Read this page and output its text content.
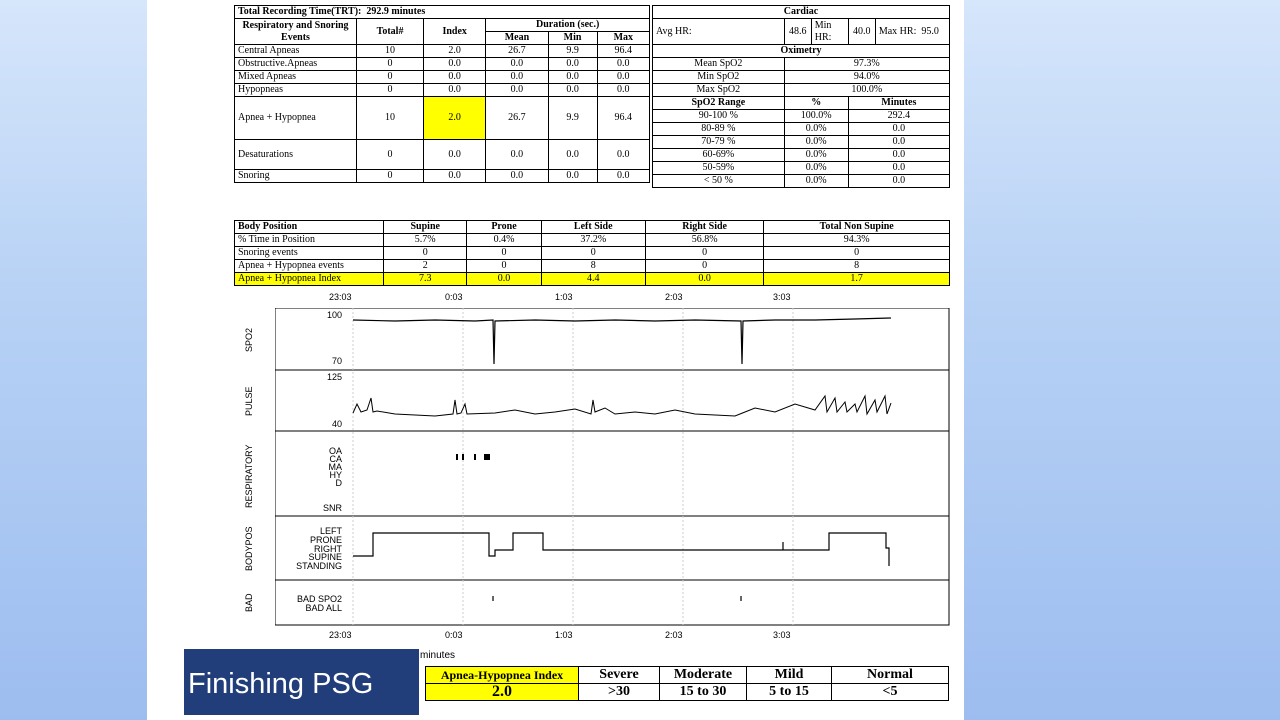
Total Recording Time(TRT): 292.9 minutes					
Respiratory and Snoring Events	Total#	Index	Duration (sec.)		
			Mean	Min	Max
Central Apneas	10	2.0	26.7	9.9	96.4
Obstructive.Apneas	0	0.0	0.0	0.0	0.0
Mixed Apneas	0	0.0	0.0	0.0	0.0
Hypopneas	0	0.0	0.0	0.0	0.0
Apnea + Hypopnea	10	2.0	26.7	9.9	96.4
Desaturations	0	0.0	0.0	0.0	0.0
Snoring	0	0.0	0.0	0.0	0.0
Cardiac				
Avg HR:	48.6	Min HR:	40.0	Max HR: 95.0
Oximetry				
Mean SpO2	97.3%			
Min SpO2	94.0%			
Max SpO2	100.0%			
SpO2 Range	%		Minutes	
90-100 %	100.0%		292.4	
80-89 %	0.0%		0.0	
70-79 %	0.0%		0.0	
60-69%	0.0%		0.0	
50-59%	0.0%		0.0	
< 50 %	0.0%		0.0	
Body Position	Supine	Prone	Left Side	Right Side	Total Non Supine
% Time in Position	5.7%	0.4%	37.2%	56.8%	94.3%
Snoring events	0	0	0	0	0
Apnea + Hypopnea events	2	0	8	0	8
Apnea + Hypopnea Index	7.3	0.0	4.4	0.0	1.7
23:03	0:03	1:03	2:03	3:03
100
70
125
40
OA
CA
MA
HY
D
SNR
LEFT
PRONE
RIGHT
SUPINE
STANDING
BAD SPO2
BAD ALL
SPO2
PULSE
RESPIRATORY
BODYPOS
BAD
23:03	0:03	1:03	2:03	3:03
Apnea-Hypopnea Index	Severe	Moderate	Mild	Normal
2.0	>30	15 to 30	5 to 15	<5
minutes
Finishing PSG
